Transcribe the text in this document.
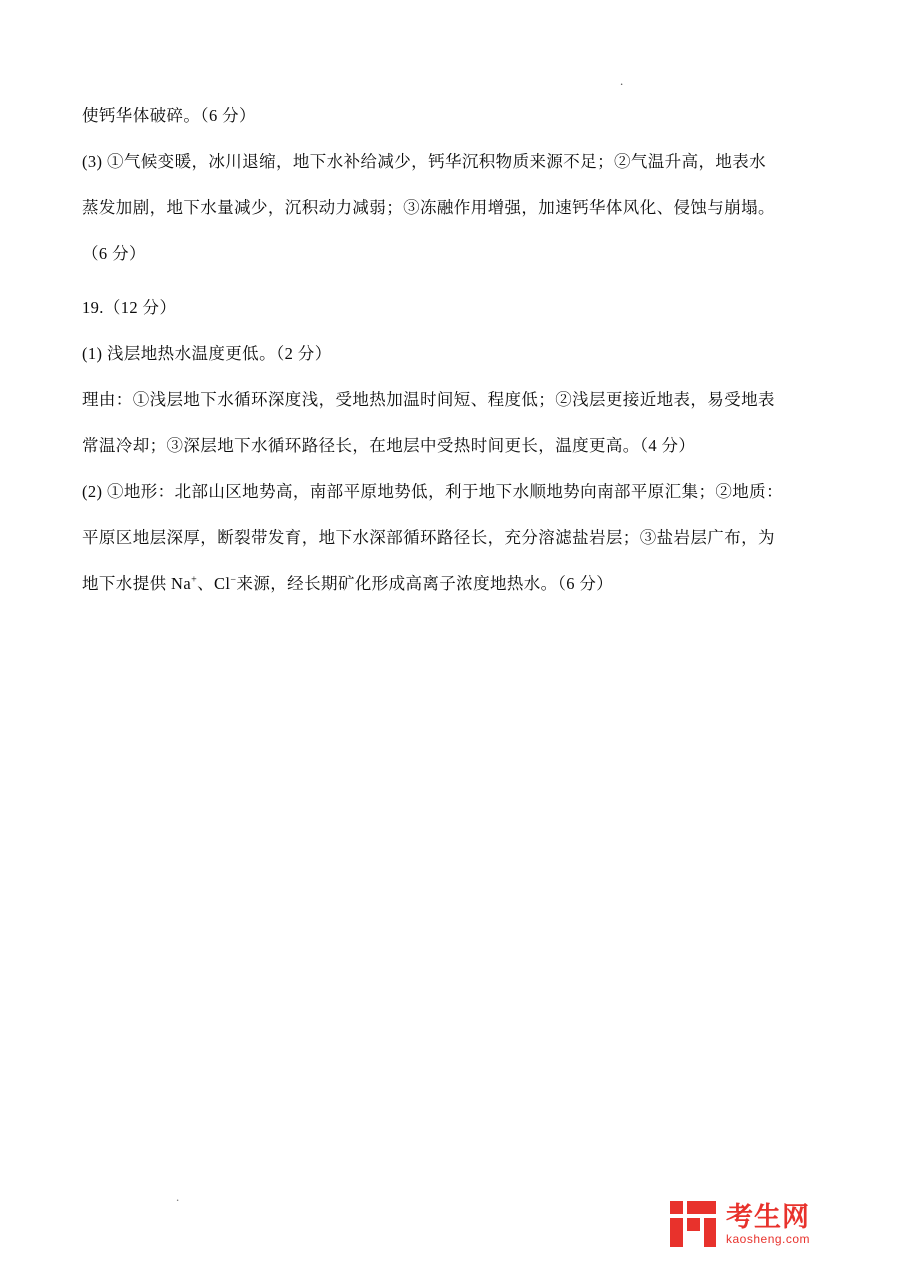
.

使钙华体破碎。（6 分）

(3) ①气候变暖，冰川退缩，地下水补给减少，钙华沉积物质来源不足；②气温升高，地表水

蒸发加剧，地下水量减少，沉积动力减弱；③冻融作用增强，加速钙华体风化、侵蚀与崩塌。

（6 分）

19.（12 分）

(1) 浅层地热水温度更低。（2 分）

理由：①浅层地下水循环深度浅，受地热加温时间短、程度低；②浅层更接近地表，易受地表

常温冷却；③深层地下水循环路径长，在地层中受热时间更长，温度更高。（4 分）

(2) ①地形：北部山区地势高，南部平原地势低，利于地下水顺地势向南部平原汇集；②地质：

平原区地层深厚，断裂带发育，地下水深部循环路径长，充分溶滤盐岩层；③盐岩层广布，为

地下水提供 Na+、Cl−来源，经长期矿化形成高离子浓度地热水。（6 分）

.
考生网
kaosheng.com
